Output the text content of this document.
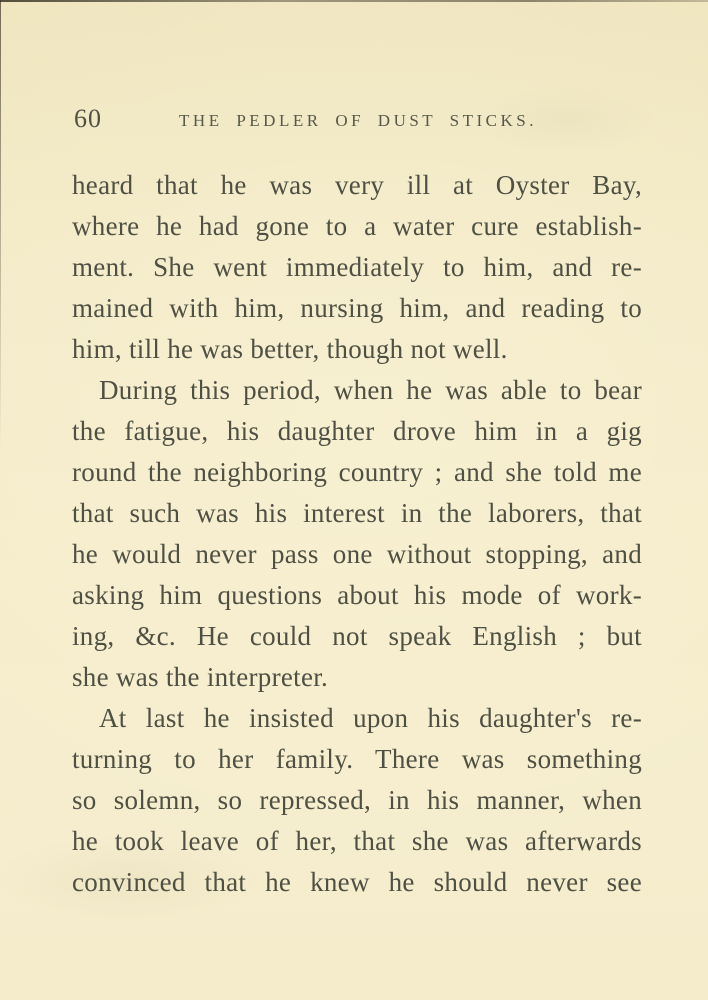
60	THE PEDLER OF DUST STICKS.
heard that he was very ill at Oyster Bay,
where he had gone to a water cure establish-
ment. She went immediately to him, and re-
mained with him, nursing him, and reading to
him, till he was better, though not well.
During this period, when he was able to bear
the fatigue, his daughter drove him in a gig
round the neighboring country ; and she told me
that such was his interest in the laborers, that
he would never pass one without stopping, and
asking him questions about his mode of work-
ing, &c. He could not speak English ; but
she was the interpreter.
At last he insisted upon his daughter's re-
turning to her family. There was something
so solemn, so repressed, in his manner, when
he took leave of her, that she was afterwards
convinced that he knew he should never see
